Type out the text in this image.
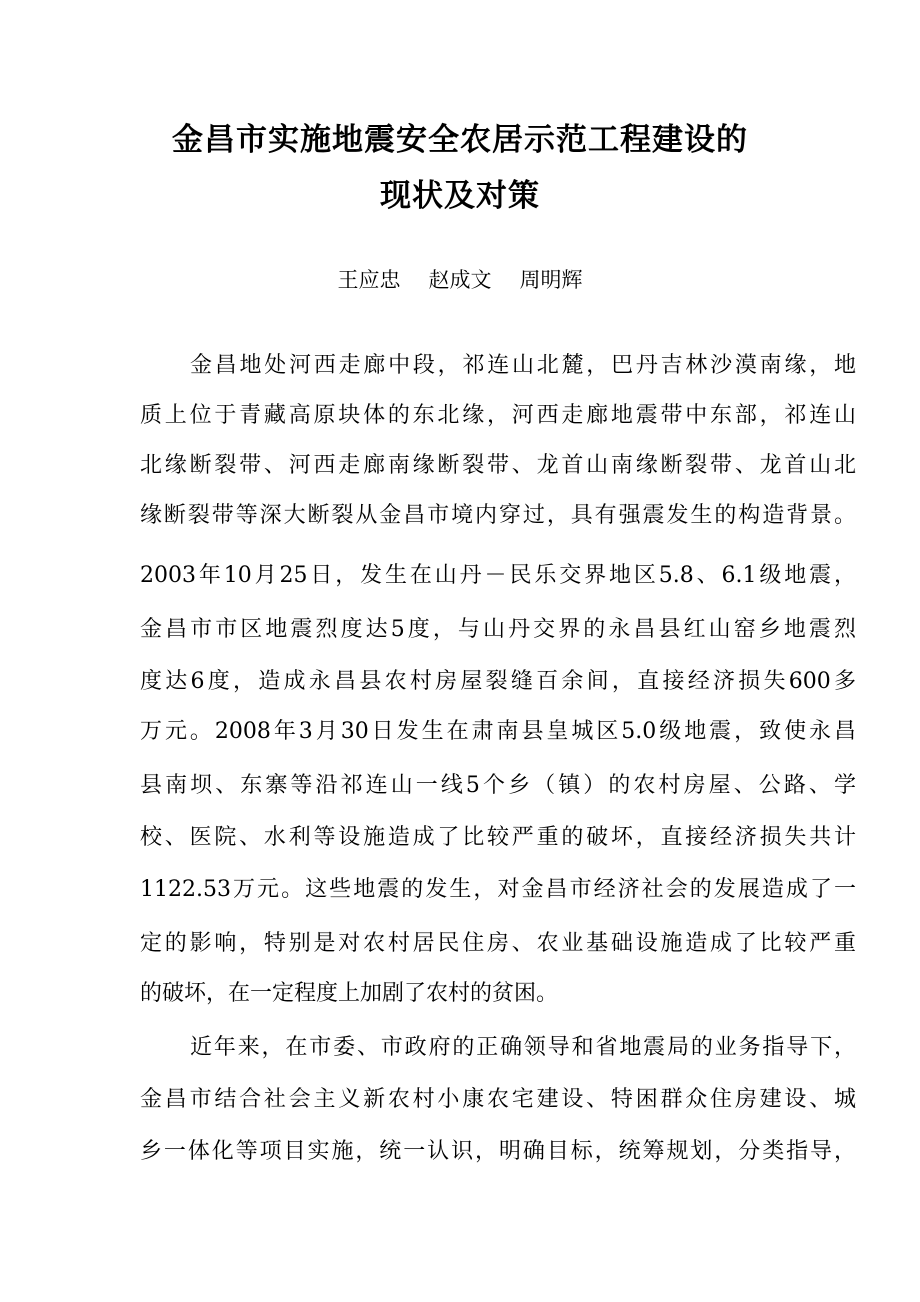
金昌市实施地震安全农居示范工程建设的
现状及对策
王应忠 赵成文 周明辉
金昌地处河西走廊中段，祁连山北麓，巴丹吉林沙漠南缘，地
质上位于青藏高原块体的东北缘，河西走廊地震带中东部，祁连山
北缘断裂带、河西走廊南缘断裂带、龙首山南缘断裂带、龙首山北
缘断裂带等深大断裂从金昌市境内穿过，具有强震发生的构造背景。
2003年10月25日，发生在山丹－民乐交界地区5.8、6.1级地震，
金昌市市区地震烈度达5度，与山丹交界的永昌县红山窑乡地震烈
度达6度，造成永昌县农村房屋裂缝百余间，直接经济损失600多
万元。2008年3月30日发生在肃南县皇城区5.0级地震，致使永昌
县南坝、东寨等沿祁连山一线5个乡（镇）的农村房屋、公路、学
校、医院、水利等设施造成了比较严重的破坏，直接经济损失共计
1122.53万元。这些地震的发生，对金昌市经济社会的发展造成了一
定的影响，特别是对农村居民住房、农业基础设施造成了比较严重
的破坏，在一定程度上加剧了农村的贫困。
近年来，在市委、市政府的正确领导和省地震局的业务指导下，
金昌市结合社会主义新农村小康农宅建设、特困群众住房建设、城
乡一体化等项目实施，统一认识，明确目标，统筹规划，分类指导，
